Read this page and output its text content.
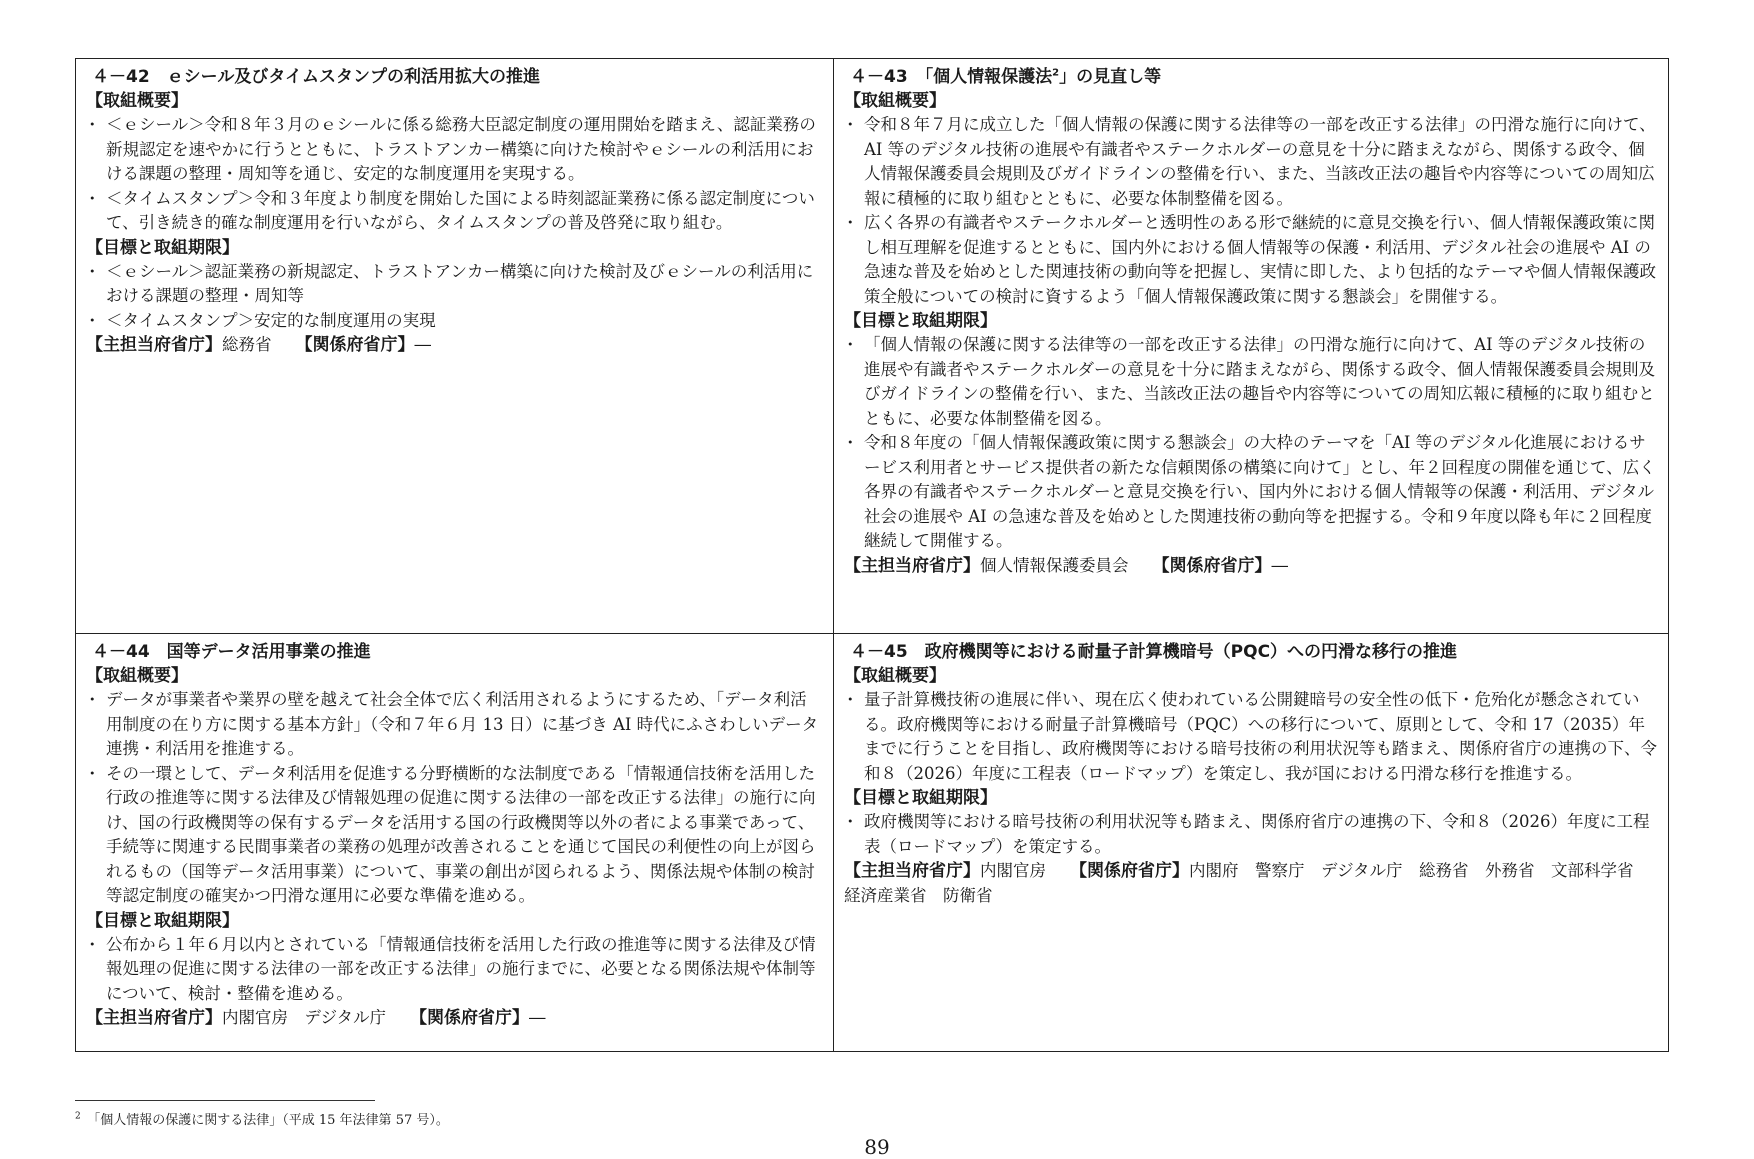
４－42　ｅシール及びタイムスタンプの利活用拡大の推進

【取組概要】

・ ＜ｅシール＞令和８年３月のｅシールに係る総務大臣認定制度の運用開始を踏まえ、認証業務の新規認定を速やかに行うとともに、トラストアンカー構築に向けた検討やｅシールの利活用における課題の整理・周知等を通じ、安定的な制度運用を実現する。
・ ＜タイムスタンプ＞令和３年度より制度を開始した国による時刻認証業務に係る認定制度について、引き続き的確な制度運用を行いながら、タイムスタンプの普及啓発に取り組む。

【目標と取組期限】

・ ＜ｅシール＞認証業務の新規認定、トラストアンカー構築に向けた検討及びｅシールの利活用における課題の整理・周知等
・ ＜タイムスタンプ＞安定的な制度運用の実現

【主担当府省庁】総務省 【関係府省庁】―

４－43　「個人情報保護法$^2$」の見直し等

【取組概要】

・ 令和８年７月に成立した「個人情報の保護に関する法律等の一部を改正する法律」の円滑な施行に向けて、AI 等のデジタル技術の進展や有識者やステークホルダーの意見を十分に踏まえながら、関係する政令、個人情報保護委員会規則及びガイドラインの整備を行い、また、当該改正法の趣旨や内容等についての周知広報に積極的に取り組むとともに、必要な体制整備を図る。
・ 広く各界の有識者やステークホルダーと透明性のある形で継続的に意見交換を行い、個人情報保護政策に関し相互理解を促進するとともに、国内外における個人情報等の保護・利活用、デジタル社会の進展や AI の急速な普及を始めとした関連技術の動向等を把握し、実情に即した、より包括的なテーマや個人情報保護政策全般についての検討に資するよう「個人情報保護政策に関する懇談会」を開催する。

【目標と取組期限】

・ 「個人情報の保護に関する法律等の一部を改正する法律」の円滑な施行に向けて、AI 等のデジタル技術の進展や有識者やステークホルダーの意見を十分に踏まえながら、関係する政令、個人情報保護委員会規則及びガイドラインの整備を行い、また、当該改正法の趣旨や内容等についての周知広報に積極的に取り組むとともに、必要な体制整備を図る。
・ 令和８年度の「個人情報保護政策に関する懇談会」の大枠のテーマを「AI 等のデジタル化進展におけるサービス利用者とサービス提供者の新たな信頼関係の構築に向けて」とし、年２回程度の開催を通じて、広く各界の有識者やステークホルダーと意見交換を行い、国内外における個人情報等の保護・利活用、デジタル社会の進展や AI の急速な普及を始めとした関連技術の動向等を把握する。令和９年度以降も年に２回程度継続して開催する。

【主担当府省庁】個人情報保護委員会 【関係府省庁】―

４－44　国等データ活用事業の推進

【取組概要】

・ データが事業者や業界の壁を越えて社会全体で広く利活用されるようにするため、「データ利活用制度の在り方に関する基本方針」（令和７年６月 13 日）に基づき AI 時代にふさわしいデータ連携・利活用を推進する。
・ その一環として、データ利活用を促進する分野横断的な法制度である「情報通信技術を活用した行政の推進等に関する法律及び情報処理の促進に関する法律の一部を改正する法律」の施行に向け、国の行政機関等の保有するデータを活用する国の行政機関等以外の者による事業であって、手続等に関連する民間事業者の業務の処理が改善されることを通じて国民の利便性の向上が図られるもの（国等データ活用事業）について、事業の創出が図られるよう、関係法規や体制の検討等認定制度の確実かつ円滑な運用に必要な準備を進める。

【目標と取組期限】

・ 公布から１年６月以内とされている「情報通信技術を活用した行政の推進等に関する法律及び情報処理の促進に関する法律の一部を改正する法律」の施行までに、必要となる関係法規や体制等について、検討・整備を進める。

【主担当府省庁】内閣官房　デジタル庁 【関係府省庁】―

４－45　政府機関等における耐量子計算機暗号（PQC）への円滑な移行の推進

【取組概要】

・ 量子計算機技術の進展に伴い、現在広く使われている公開鍵暗号の安全性の低下・危殆化が懸念されている。政府機関等における耐量子計算機暗号（PQC）への移行について、原則として、令和 17（2035）年までに行うことを目指し、政府機関等における暗号技術の利用状況等も踏まえ、関係府省庁の連携の下、令和８（2026）年度に工程表（ロードマップ）を策定し、我が国における円滑な移行を推進する。

【目標と取組期限】

・ 政府機関等における暗号技術の利用状況等も踏まえ、関係府省庁の連携の下、令和８（2026）年度に工程表（ロードマップ）を策定する。

【主担当府省庁】内閣官房 【関係府省庁】内閣府　警察庁　デジタル庁　総務省　外務省　文部科学省　経済産業省　防衛省

$^2$　 「個人情報の保護に関する法律」（平成 15 年法律第 57 号）。
89
